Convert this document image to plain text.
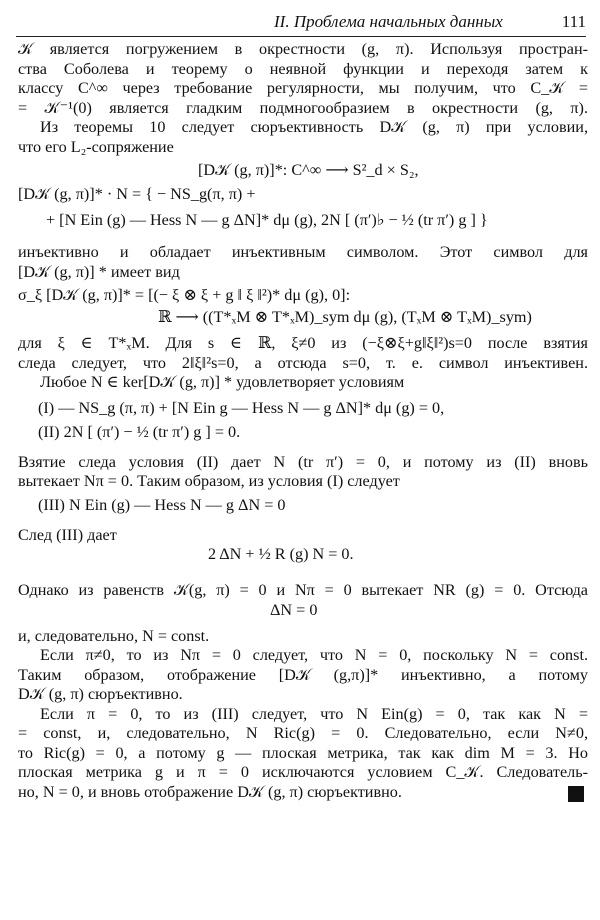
II. Проблема начальных данных	111
𝒦 является погружением в окрестности (g, π). Используя простран-
ства Соболева и теорему о неявной функции и переходя затем к
классу C^∞ через требование регулярности, мы получим, что C_𝒦 =
= 𝒦⁻¹(0) является гладким подмногообразием в окрестности (g, π).
Из теоремы 10 следует сюръективность D𝒦 (g, π) при условии,
что его L₂-сопряжение
[D𝒦 (g, π)]*: C^∞ ⟶ S²_d × S₂,
[D𝒦 (g, π)]* · N = { − NS_g(π, π) +
+ [N Ein (g) — Hess N — g ΔN]* dμ (g), 2N [ (π′)♭ − ½ (tr π′) g ] }
инъективно и обладает инъективным символом. Этот символ для
[D𝒦 (g, π)] * имеет вид
σ_ξ [D𝒦 (g, π)]* = [(− ξ ⊗ ξ + g ‖ ξ ‖²)* dμ (g), 0]:
ℝ ⟶ ((T*ₓM ⊗ T*ₓM)_sym dμ (g), (TₓM ⊗ TₓM)_sym)
для ξ ∈ T*ₓM. Для s ∈ ℝ, ξ≠0 из (−ξ⊗ξ+g‖ξ‖²)s=0 после взятия
следа следует, что 2‖ξ‖²s=0, а отсюда s=0, т. е. символ инъективен.
Любое N ∈ ker[D𝒦 (g, π)] * удовлетворяет условиям
(I) — NS_g (π, π) + [N Ein g — Hess N — g ΔN]* dμ (g) = 0,
(II) 2N [ (π′) − ½ (tr π′) g ] = 0.
Взятие следа условия (II) дает N (tr π′) = 0, и потому из (II) вновь
вытекает Nπ = 0. Таким образом, из условия (I) следует
(III) N Ein (g) — Hess N — g ΔN = 0
След (III) дает
2 ΔN + ½ R (g) N = 0.
Однако из равенств 𝒦(g, π) = 0 и Nπ = 0 вытекает NR (g) = 0. Отсюда
ΔN = 0
и, следовательно, N = const.
Если π≠0, то из Nπ = 0 следует, что N = 0, поскольку N = const.
Таким образом, отображение [D𝒦 (g,π)]* инъективно, а потому
D𝒦 (g, π) сюръективно.
Если π = 0, то из (III) следует, что N Ein(g) = 0, так как N =
= const, и, следовательно, N Ric(g) = 0. Следовательно, если N≠0,
то Ric(g) = 0, а потому g — плоская метрика, так как dim M = 3. Но
плоская метрика g и π = 0 исключаются условием C_𝒦. Следователь-
но, N = 0, и вновь отображение D𝒦 (g, π) сюръективно.
